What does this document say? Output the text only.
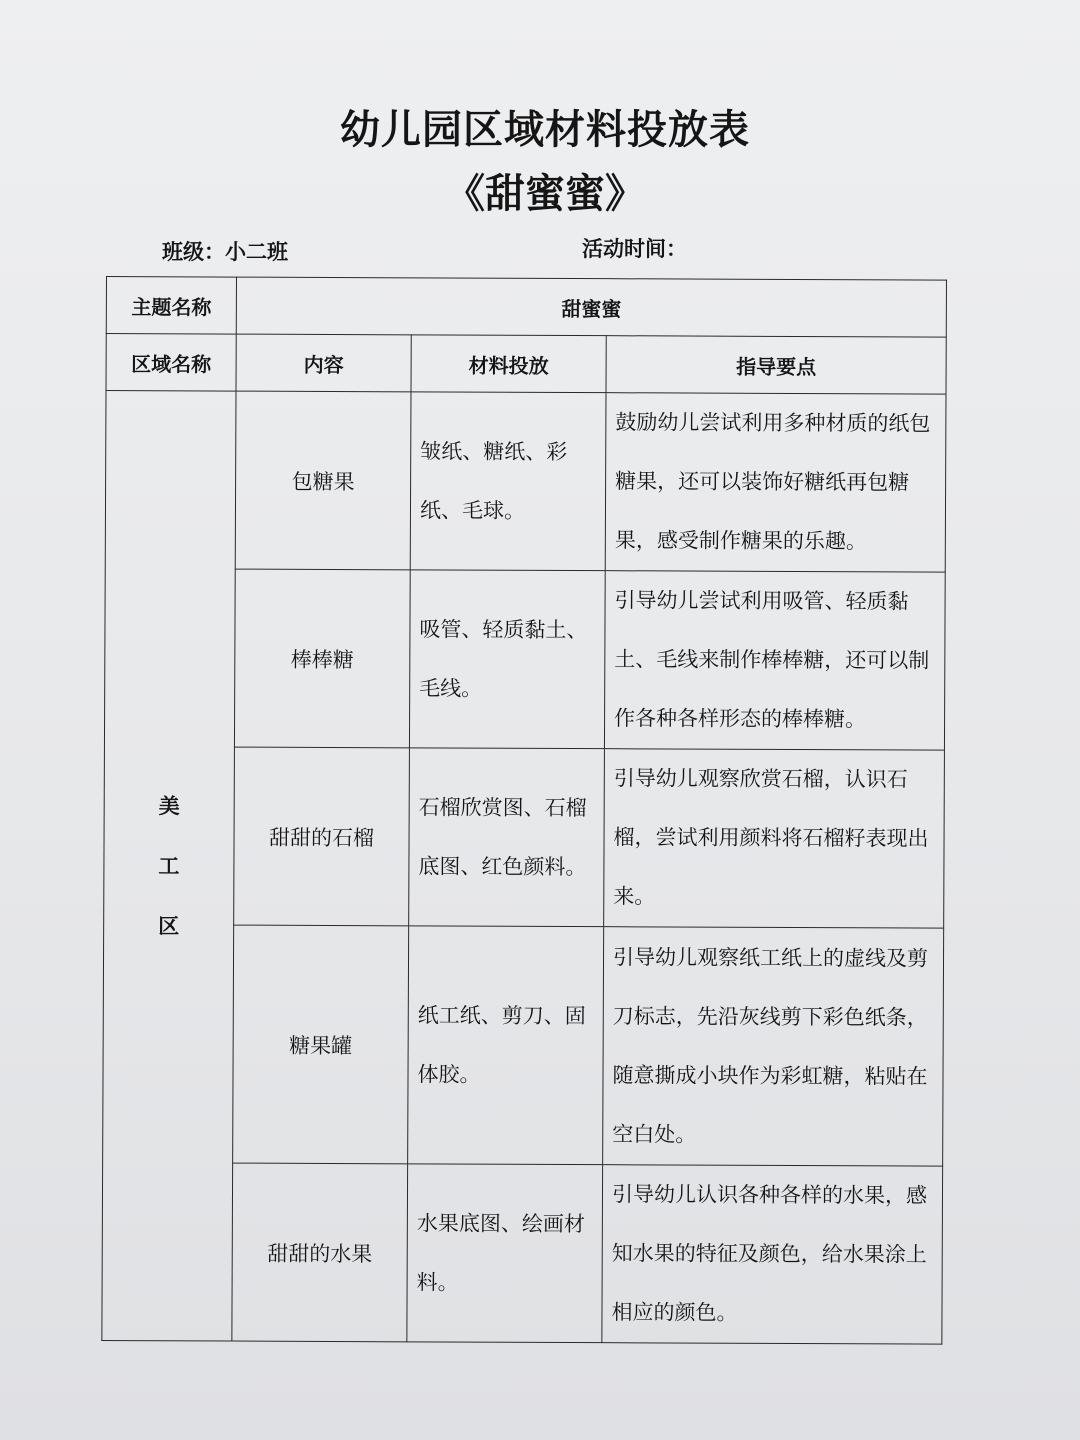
幼儿园区域材料投放表
《甜蜜蜜》
班级：小二班	活动时间：
主题名称	甜蜜蜜		
区域名称	内容	材料投放	指导要点

美
工
区	包糖果	皱纸、糖纸、彩纸、毛球。	鼓励幼儿尝试利用多种材质的纸包糖果，还可以装饰好糖纸再包糖果，感受制作糖果的乐趣。
	棒棒糖	吸管、轻质黏土、毛线。	引导幼儿尝试利用吸管、轻质黏土、毛线来制作棒棒糖，还可以制作各种各样形态的棒棒糖。
	甜甜的石榴	石榴欣赏图、石榴底图、红色颜料。	引导幼儿观察欣赏石榴，认识石榴，尝试利用颜料将石榴籽表现出来。
	糖果罐	纸工纸、剪刀、固体胶。	引导幼儿观察纸工纸上的虚线及剪刀标志，先沿灰线剪下彩色纸条，随意撕成小块作为彩虹糖，粘贴在空白处。
	甜甜的水果	水果底图、绘画材料。	引导幼儿认识各种各样的水果，感知水果的特征及颜色，给水果涂上相应的颜色。
